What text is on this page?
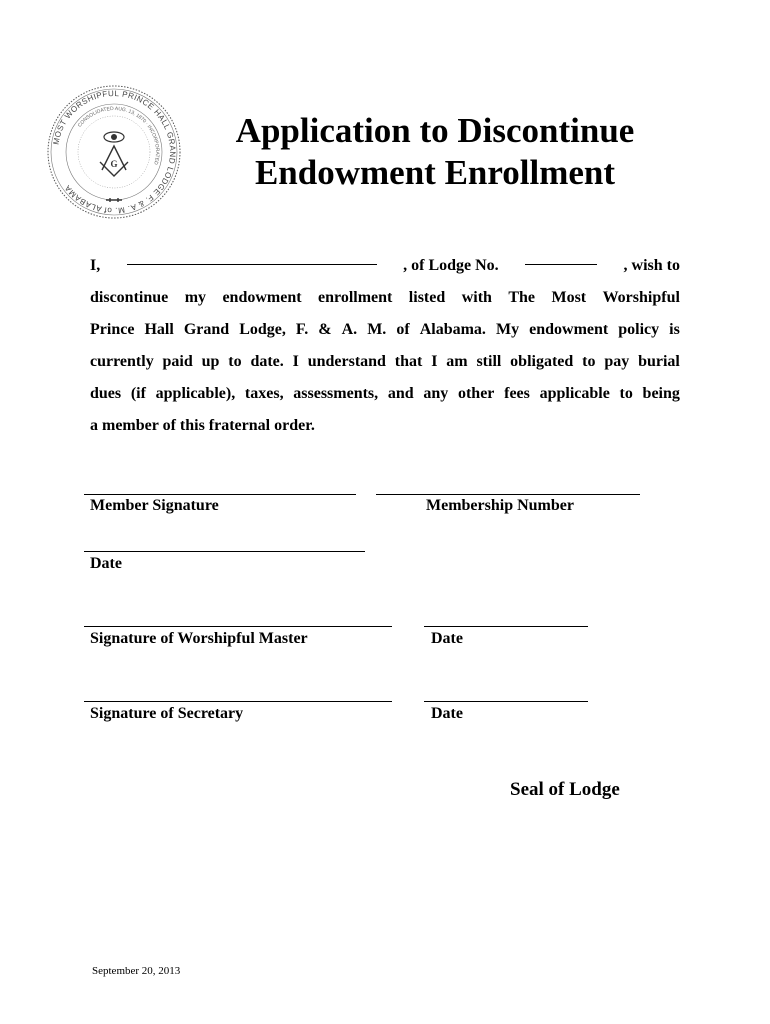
MOST WORSHIPFUL PRINCE HALL GRAND LODGE F. & A. M. of ALABAMA
CONSOLIDATED AUG. 13, 1870 · INCORPORATED
G
Application to Discontinue
Endowment Enrollment
I,	, of Lodge No.	, wish to
discontinue my endowment enrollment listed with The Most Worshipful
Prince Hall Grand Lodge, F. & A. M. of Alabama. My endowment policy is
currently paid up to date. I understand that I am still obligated to pay burial
dues (if applicable), taxes, assessments, and any other fees applicable to being
a member of this fraternal order.
Member Signature	Membership Number
Date
Signature of Worshipful Master	Date
Signature of Secretary	Date
Seal of Lodge
September 20, 2013
